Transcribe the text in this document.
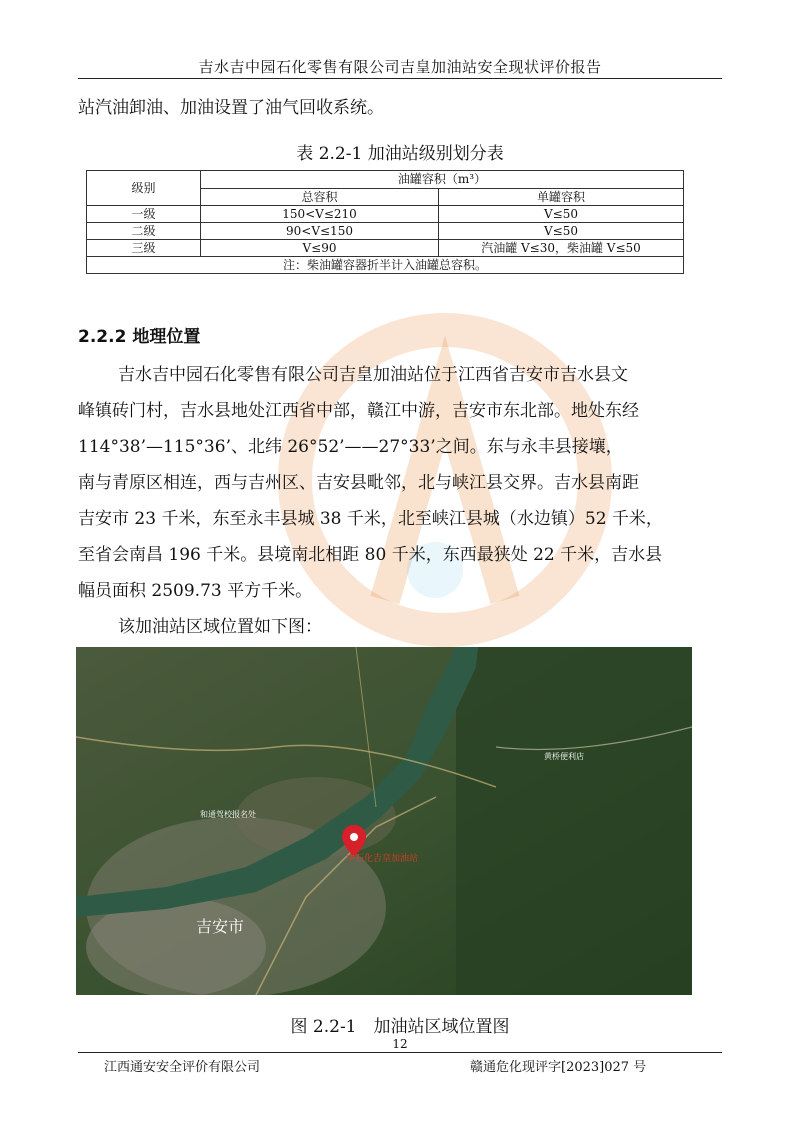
吉水吉中园石化零售有限公司吉皇加油站安全现状评价报告
站汽油卸油、加油设置了油气回收系统。
表 2.2-1 加油站级别划分表
级别	油罐容积（m³）	
	总容积	单罐容积
一级	150<V≤210	V≤50
二级	90<V≤150	V≤50
三级	V≤90	汽油罐 V≤30，柴油罐 V≤50
注：柴油罐容器折半计入油罐总容积。		
2.2.2 地理位置
吉水吉中园石化零售有限公司吉皇加油站位于江西省吉安市吉水县文
峰镇砖门村，吉水县地处江西省中部，赣江中游，吉安市东北部。地处东经
114°38’—115°36’、北纬 26°52’——27°33’之间。东与永丰县接壤，
南与青原区相连，西与吉州区、吉安县毗邻，北与峡江县交界。吉水县南距
吉安市 23 千米，东至永丰县城 38 千米，北至峡江县城（水边镇）52 千米，
至省会南昌 196 千米。县境南北相距 80 千米，东西最狭处 22 千米，吉水县
幅员面积 2509.73 平方千米。
该加油站区域位置如下图：
中石化吉皇加油站
和通驾校报名处
黄桥便利店
吉安市
图 2.2-1　加油站区域位置图
12
江西通安安全评价有限公司	赣通危化现评字[2023]027 号
